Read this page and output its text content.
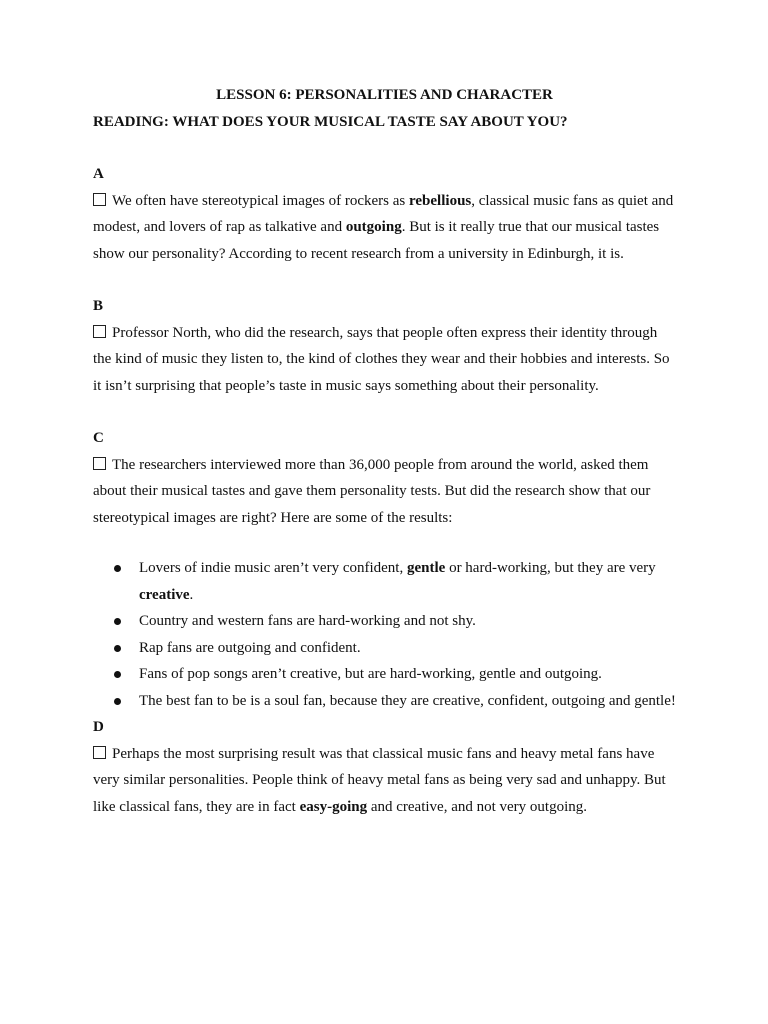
LESSON 6: PERSONALITIES AND CHARACTER

READING: WHAT DOES YOUR MUSICAL TASTE SAY ABOUT YOU?

A

We often have stereotypical images of rockers as rebellious, classical music fans as quiet and modest, and lovers of rap as talkative and outgoing. But is it really true that our musical tastes show our personality? According to recent research from a university in Edinburgh, it is.

B

Professor North, who did the research, says that people often express their identity through the kind of music they listen to, the kind of clothes they wear and their hobbies and interests. So it isn’t surprising that people’s taste in music says something about their personality.

C

The researchers interviewed more than 36,000 people from around the world, asked them about their musical tastes and gave them personality tests. But did the research show that our stereotypical images are right? Here are some of the results:

Lovers of indie music aren’t very confident, gentle or hard-working, but they are very creative.
Country and western fans are hard-working and not shy.
Rap fans are outgoing and confident.
Fans of pop songs aren’t creative, but are hard-working, gentle and outgoing.
The best fan to be is a soul fan, because they are creative, confident, outgoing and gentle!

D

Perhaps the most surprising result was that classical music fans and heavy metal fans have very similar personalities. People think of heavy metal fans as being very sad and unhappy. But like classical fans, they are in fact easy-going and creative, and not very outgoing.
